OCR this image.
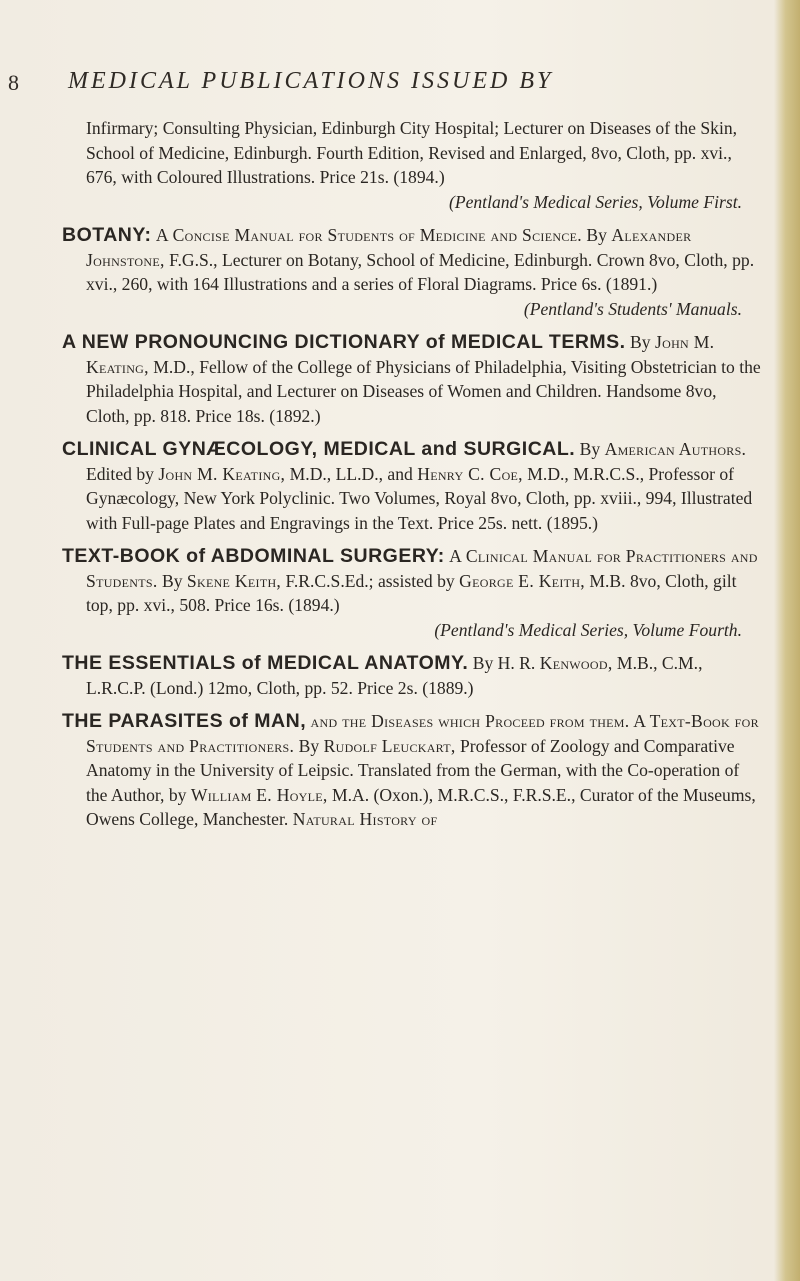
8 MEDICAL PUBLICATIONS ISSUED BY
Infirmary; Consulting Physician, Edinburgh City Hospital; Lecturer on Diseases of the Skin, School of Medicine, Edinburgh. Fourth Edition, Revised and Enlarged, 8vo, Cloth, pp. xvi., 676, with Coloured Illustrations. Price 21s. (1894.)
(Pentland's Medical Series, Volume First.
BOTANY: A Concise Manual for Students of Medicine and Science. By Alexander Johnstone, F.G.S., Lecturer on Botany, School of Medicine, Edinburgh. Crown 8vo, Cloth, pp. xvi., 260, with 164 Illustrations and a series of Floral Diagrams. Price 6s. (1891.)
(Pentland's Students' Manuals.
A NEW PRONOUNCING DICTIONARY of MEDICAL TERMS. By John M. Keating, M.D., Fellow of the College of Physicians of Philadelphia, Visiting Obstetrician to the Philadelphia Hospital, and Lecturer on Diseases of Women and Children. Handsome 8vo, Cloth, pp. 818. Price 18s. (1892.)
CLINICAL GYNÆCOLOGY, MEDICAL and SURGICAL. By American Authors. Edited by John M. Keating, M.D., LL.D., and Henry C. Coe, M.D., M.R.C.S., Professor of Gynæcology, New York Polyclinic. Two Volumes, Royal 8vo, Cloth, pp. xviii., 994, Illustrated with Full-page Plates and Engravings in the Text. Price 25s. nett. (1895.)
TEXT-BOOK of ABDOMINAL SURGERY: A Clinical Manual for Practitioners and Students. By Skene Keith, F.R.C.S.Ed.; assisted by George E. Keith, M.B. 8vo, Cloth, gilt top, pp. xvi., 508. Price 16s. (1894.)
(Pentland's Medical Series, Volume Fourth.
THE ESSENTIALS of MEDICAL ANATOMY. By H. R. Kenwood, M.B., C.M., L.R.C.P. (Lond.) 12mo, Cloth, pp. 52. Price 2s. (1889.)
THE PARASITES of MAN, and the Diseases which Proceed from them. A Text-Book for Students and Practitioners. By Rudolf Leuckart, Professor of Zoology and Comparative Anatomy in the University of Leipsic. Translated from the German, with the Co-operation of the Author, by William E. Hoyle, M.A. (Oxon.), M.R.C.S., F.R.S.E., Curator of the Museums, Owens College, Manchester. Natural History of
